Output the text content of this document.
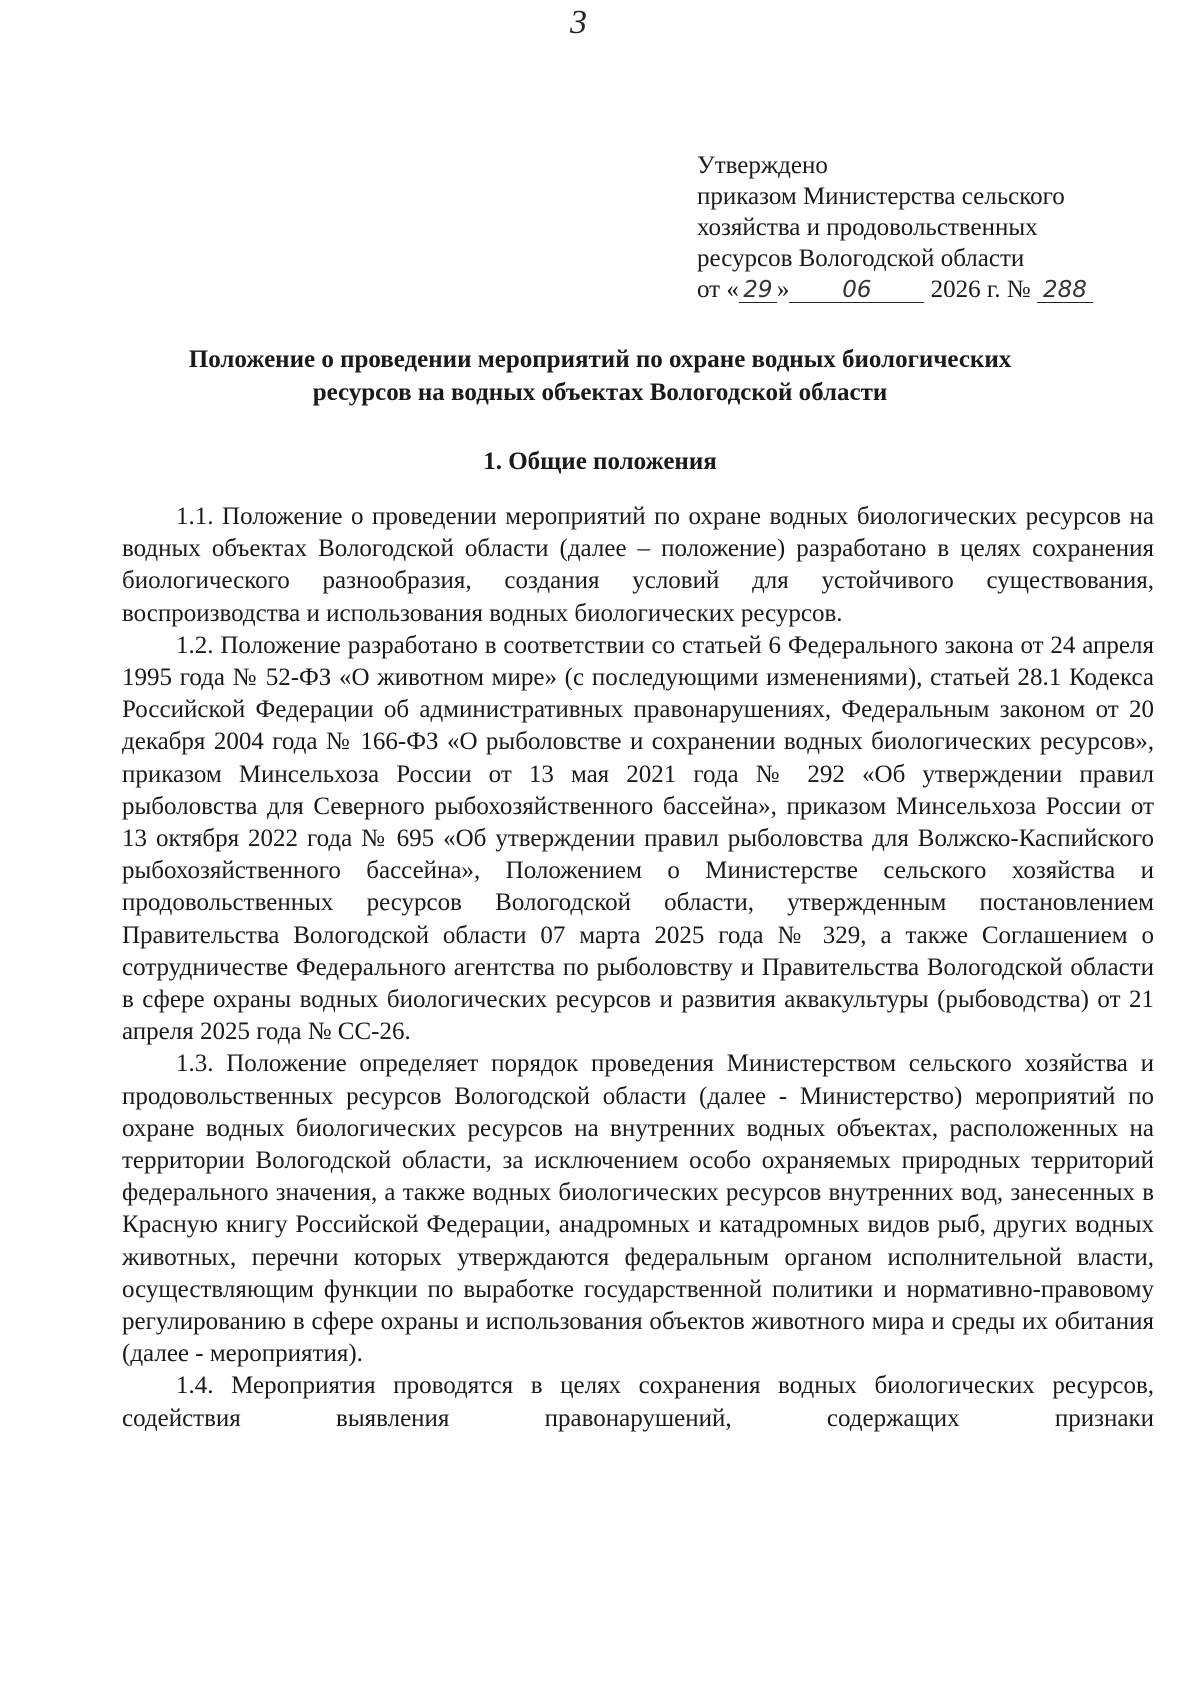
3
Утверждено
приказом Министерства сельского
хозяйства и продовольственных
ресурсов Вологодской области
от « 29 » 06 2026 г. № 288
Положение о проведении мероприятий по охране водных биологических
ресурсов на водных объектах Вологодской области
1. Общие положения

1.1. Положение о проведении мероприятий по охране водных биологических ресурсов на водных объектах Вологодской области (далее – положение) разработано в целях сохранения биологического разнообразия, создания условий для устойчивого существования, воспроизводства и использования водных биологических ресурсов.

1.2. Положение разработано в соответствии со статьей 6 Федерального закона от 24 апреля 1995 года № 52-ФЗ «О животном мире» (с последующими изменениями), статьей 28.1 Кодекса Российской Федерации об административных правонарушениях, Федеральным законом от 20 декабря 2004 года № 166-ФЗ «О рыболовстве и сохранении водных биологических ресурсов», приказом Минсельхоза России от 13 мая 2021 года № 292 «Об утверждении правил рыболовства для Северного рыбохозяйственного бассейна», приказом Минсельхоза России от 13 октября 2022 года № 695 «Об утверждении правил рыболовства для Волжско-Каспийского рыбохозяйственного бассейна», Положением о Министерстве сельского хозяйства и продовольственных ресурсов Вологодской области, утвержденным постановлением Правительства Вологодской области 07 марта 2025 года № 329, а также Соглашением о сотрудничестве Федерального агентства по рыболовству и Правительства Вологодской области в сфере охраны водных биологических ресурсов и развития аквакультуры (рыбоводства) от 21 апреля 2025 года № СС-26.

1.3. Положение определяет порядок проведения Министерством сельского хозяйства и продовольственных ресурсов Вологодской области (далее - Министерство) мероприятий по охране водных биологических ресурсов на внутренних водных объектах, расположенных на территории Вологодской области, за исключением особо охраняемых природных территорий федерального значения, а также водных биологических ресурсов внутренних вод, занесенных в Красную книгу Российской Федерации, анадромных и катадромных видов рыб, других водных животных, перечни которых утверждаются федеральным органом исполнительной власти, осуществляющим функции по выработке государственной политики и нормативно-правовому регулированию в сфере охраны и использования объектов животного мира и среды их обитания (далее - мероприятия).

1.4. Мероприятия проводятся в целях сохранения водных биологических ресурсов, содействия выявления правонарушений, содержащих признаки
